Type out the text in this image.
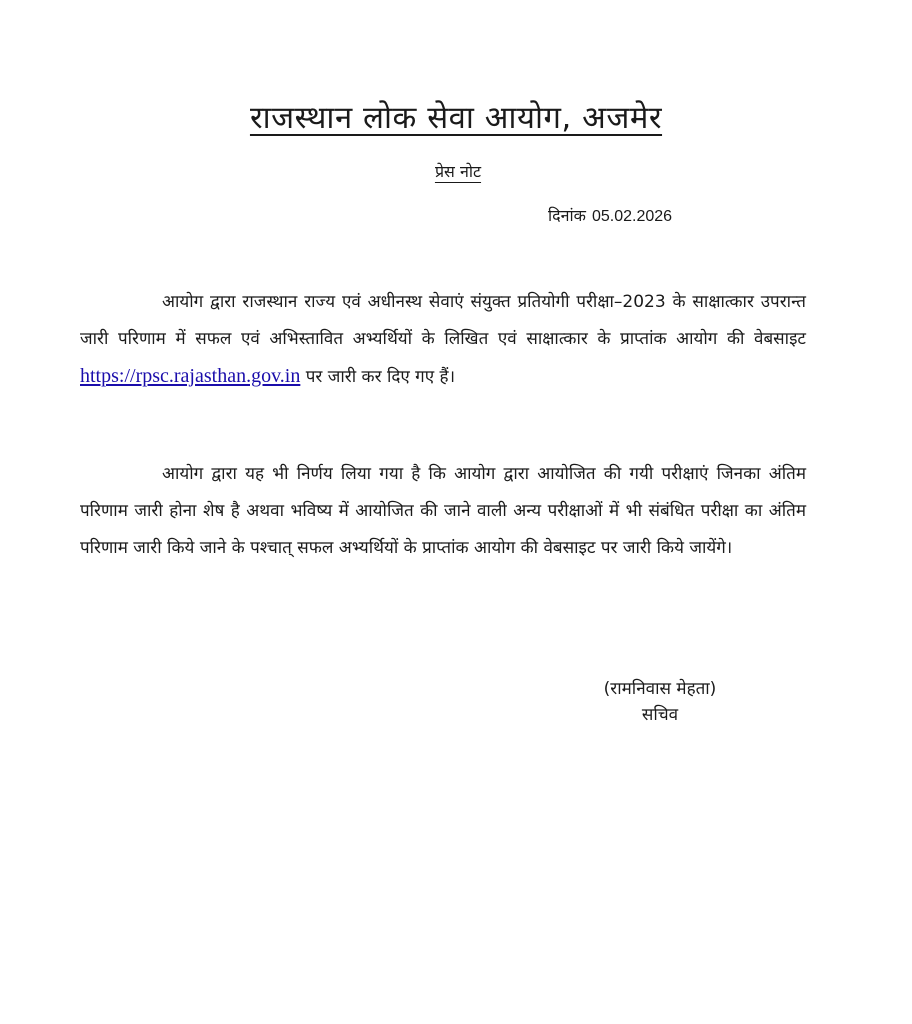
राजस्थान लोक सेवा आयोग, अजमेर
प्रेस नोट
दिनांक 05.02.2026

आयोग द्वारा राजस्थान राज्य एवं अधीनस्थ सेवाएं संयुक्त प्रतियोगी परीक्षा–2023 के साक्षात्कार उपरान्त जारी परिणाम में सफल एवं अभिस्तावित अभ्यर्थियों के लिखित एवं साक्षात्कार के प्राप्तांक आयोग की वेबसाइट https://rpsc.rajasthan.gov.in पर जारी कर दिए गए हैं।

आयोग द्वारा यह भी निर्णय लिया गया है कि आयोग द्वारा आयोजित की गयी परीक्षाएं जिनका अंतिम परिणाम जारी होना शेष है अथवा भविष्य में आयोजित की जाने वाली अन्य परीक्षाओं में भी संबंधित परीक्षा का अंतिम परिणाम जारी किये जाने के पश्चात् सफल अभ्यर्थियों के प्राप्तांक आयोग की वेबसाइट पर जारी किये जायेंगे।

(रामनिवास मेहता)
सचिव
